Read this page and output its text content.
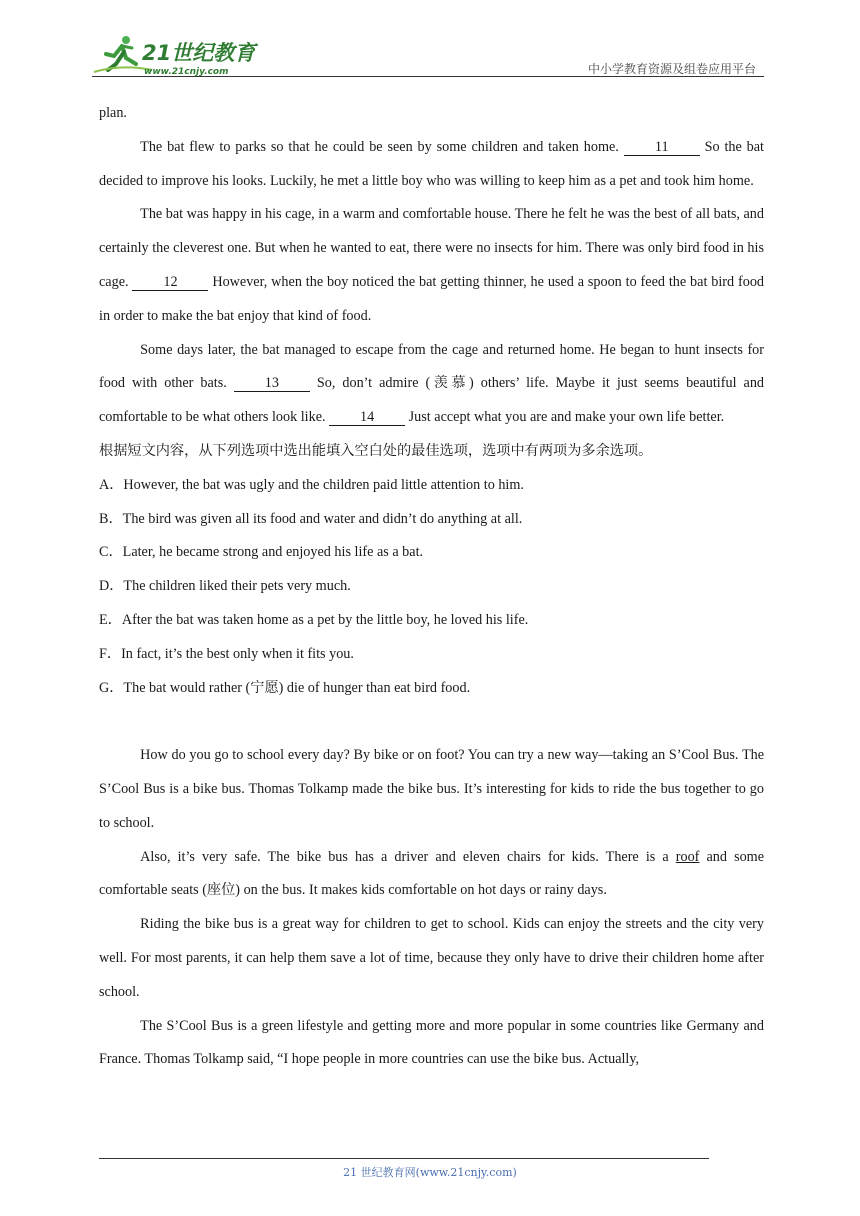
21世纪教育
www.21cnjy.com	中小学教育资源及组卷应用平台

plan.

The bat flew to parks so that he could be seen by some children and taken home.	11	So the bat decided to improve his looks. Luckily, he met a little boy who was willing to keep him as a pet and took him home.

The bat was happy in his cage, in a warm and comfortable house. There he felt he was the best of all bats, and certainly the cleverest one. But when he wanted to eat, there were no insects for him. There was only bird food in his cage. 12 However, when the boy noticed the bat getting thinner, he used a spoon to feed the bat bird food in order to make the bat enjoy that kind of food.

Some days later, the bat managed to escape from the cage and returned home. He began to hunt insects for food with other bats.	13	So, don’t admire (羡慕) others’ life. Maybe it just seems beautiful and comfortable to be what others look like. 14 Just accept what you are and make your own life better.

根据短文内容，从下列选项中选出能填入空白处的最佳选项，选项中有两项为多余选项。

A．However, the bat was ugly and the children paid little attention to him.

B．The bird was given all its food and water and didn’t do anything at all.

C．Later, he became strong and enjoyed his life as a bat.

D．The children liked their pets very much.

E．After the bat was taken home as a pet by the little boy, he loved his life.

F．In fact, it’s the best only when it fits you.

G．The bat would rather (宁愿) die of hunger than eat bird food.

How do you go to school every day? By bike or on foot? You can try a new way—taking an S’Cool Bus. The S’Cool Bus is a bike bus. Thomas Tolkamp made the bike bus. It’s interesting for kids to ride the bus together to go to school.

Also, it’s very safe. The bike bus has a driver and eleven chairs for kids. There is a roof and some comfortable seats (座位) on the bus. It makes kids comfortable on hot days or rainy days.

Riding the bike bus is a great way for children to get to school. Kids can enjoy the streets and the city very well. For most parents, it can help them save a lot of time, because they only have to drive their children home after school.

The S’Cool Bus is a green lifestyle and getting more and more popular in some countries like Germany and France. Thomas Tolkamp said, “I hope people in more countries can use the bike bus. Actually,

21 世纪教育网(www.21cnjy.com)
